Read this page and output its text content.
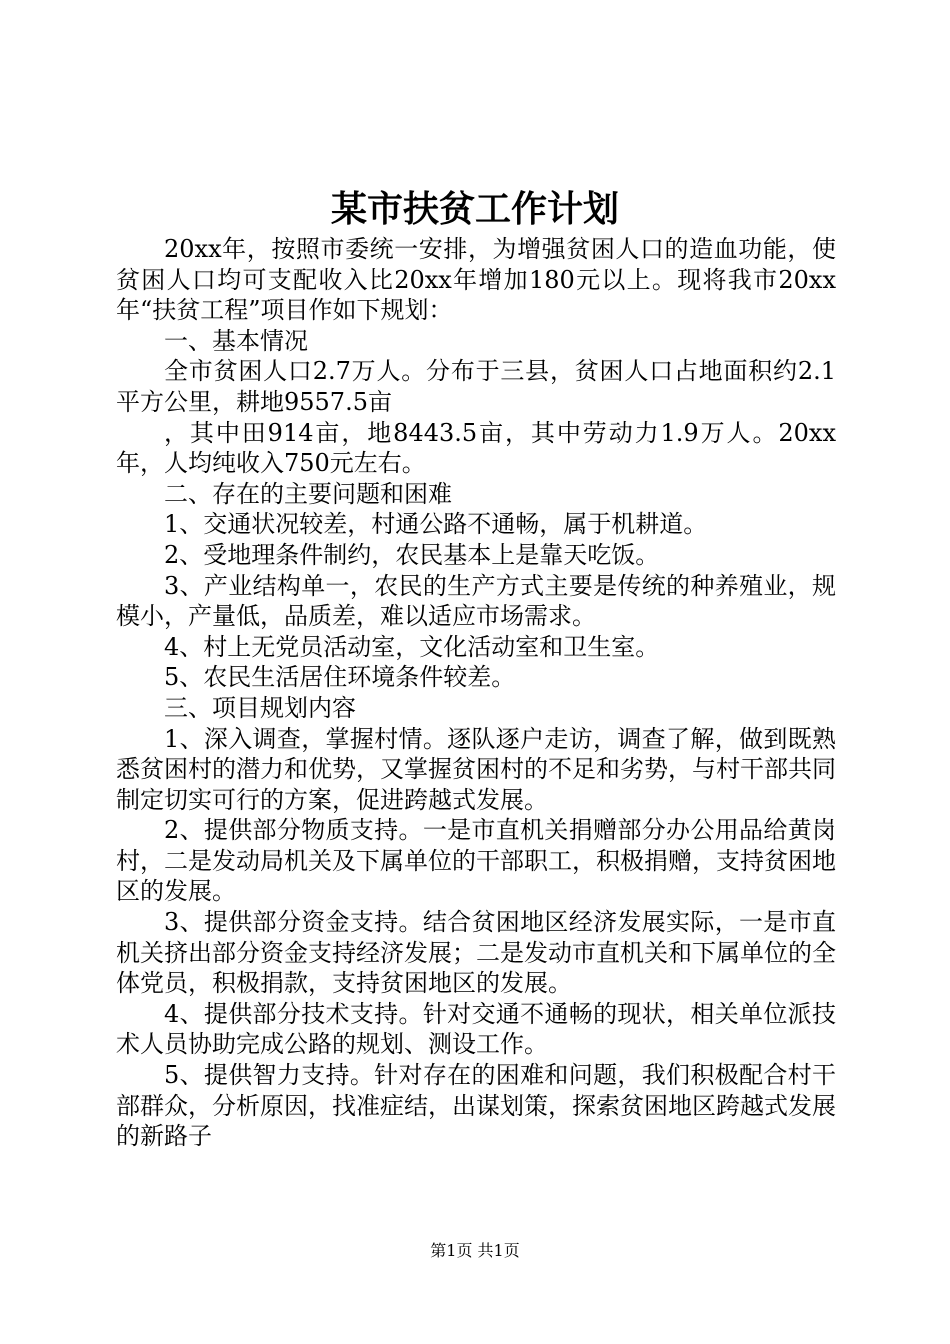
某市扶贫工作计划

20xx年，按照市委统一安排，为增强贫困人口的造血功能，使贫困人口均可支配收入比20xx年增加180元以上。现将我市20xx年“扶贫工程”项目作如下规划：

一、基本情况

全市贫困人口2.7万人。分布于三县，贫困人口占地面积约2.1平方公里，耕地9557.5亩

，其中田914亩，地8443.5亩，其中劳动力1.9万人。20xx年，人均纯收入750元左右。

二、存在的主要问题和困难

1、交通状况较差，村通公路不通畅，属于机耕道。

2、受地理条件制约，农民基本上是靠天吃饭。

3、产业结构单一，农民的生产方式主要是传统的种养殖业，规模小，产量低，品质差，难以适应市场需求。

4、村上无党员活动室，文化活动室和卫生室。

5、农民生活居住环境条件较差。

三、项目规划内容

1、深入调查，掌握村情。逐队逐户走访，调查了解，做到既熟悉贫困村的潜力和优势，又掌握贫困村的不足和劣势，与村干部共同制定切实可行的方案，促进跨越式发展。

2、提供部分物质支持。一是市直机关捐赠部分办公用品给黄岗村，二是发动局机关及下属单位的干部职工，积极捐赠，支持贫困地区的发展。

3、提供部分资金支持。结合贫困地区经济发展实际，一是市直机关挤出部分资金支持经济发展；二是发动市直机关和下属单位的全体党员，积极捐款，支持贫困地区的发展。

4、提供部分技术支持。针对交通不通畅的现状，相关单位派技术人员协助完成公路的规划、测设工作。

5、提供智力支持。针对存在的困难和问题，我们积极配合村干部群众，分析原因，找准症结，出谋划策，探索贫困地区跨越式发展的新路子

第1页 共1页
